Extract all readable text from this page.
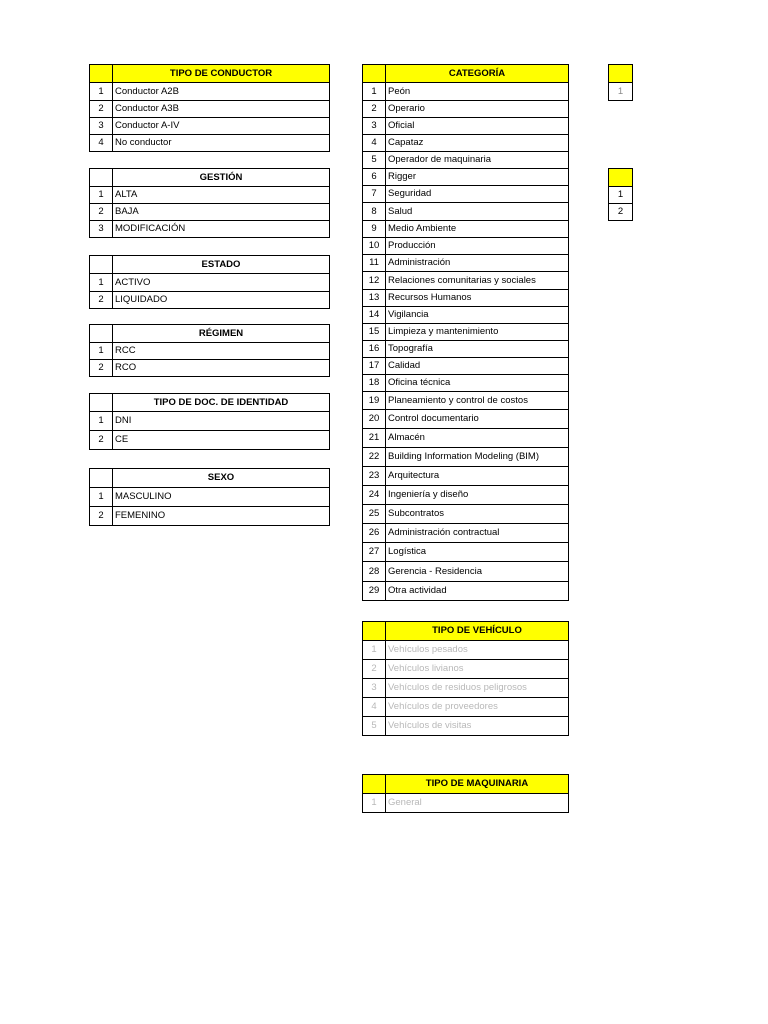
	TIPO DE CONDUCTOR
1	Conductor A2B
2	Conductor A3B
3	Conductor A-IV
4	No conductor
	GESTIÓN
1	ALTA
2	BAJA
3	MODIFICACIÓN
	ESTADO
1	ACTIVO
2	LIQUIDADO
	RÉGIMEN
1	RCC
2	RCO
	TIPO DE DOC. DE IDENTIDAD
1	DNI
2	CE
	SEXO
1	MASCULINO
2	FEMENINO
	CATEGORÍA
1	Peón
2	Operario
3	Oficial
4	Capataz
5	Operador de maquinaria
6	Rigger
7	Seguridad
8	Salud
9	Medio Ambiente
10	Producción
11	Administración
12	Relaciones comunitarias y sociales
13	Recursos Humanos
14	Vigilancia
15	Limpieza y mantenimiento
16	Topografía
17	Calidad
18	Oficina técnica
19	Planeamiento y control de costos
20	Control documentario
21	Almacén
22	Building Information Modeling (BIM)
23	Arquitectura
24	Ingeniería y diseño
25	Subcontratos
26	Administración contractual
27	Logística
28	Gerencia - Residencia
29	Otra actividad
	TIPO DE VEHÍCULO
1	Vehículos pesados
2	Vehículos livianos
3	Vehículos de residuos peligrosos
4	Vehículos de proveedores
5	Vehículos de visitas
	TIPO DE MAQUINARIA
1	General

1

1
2
